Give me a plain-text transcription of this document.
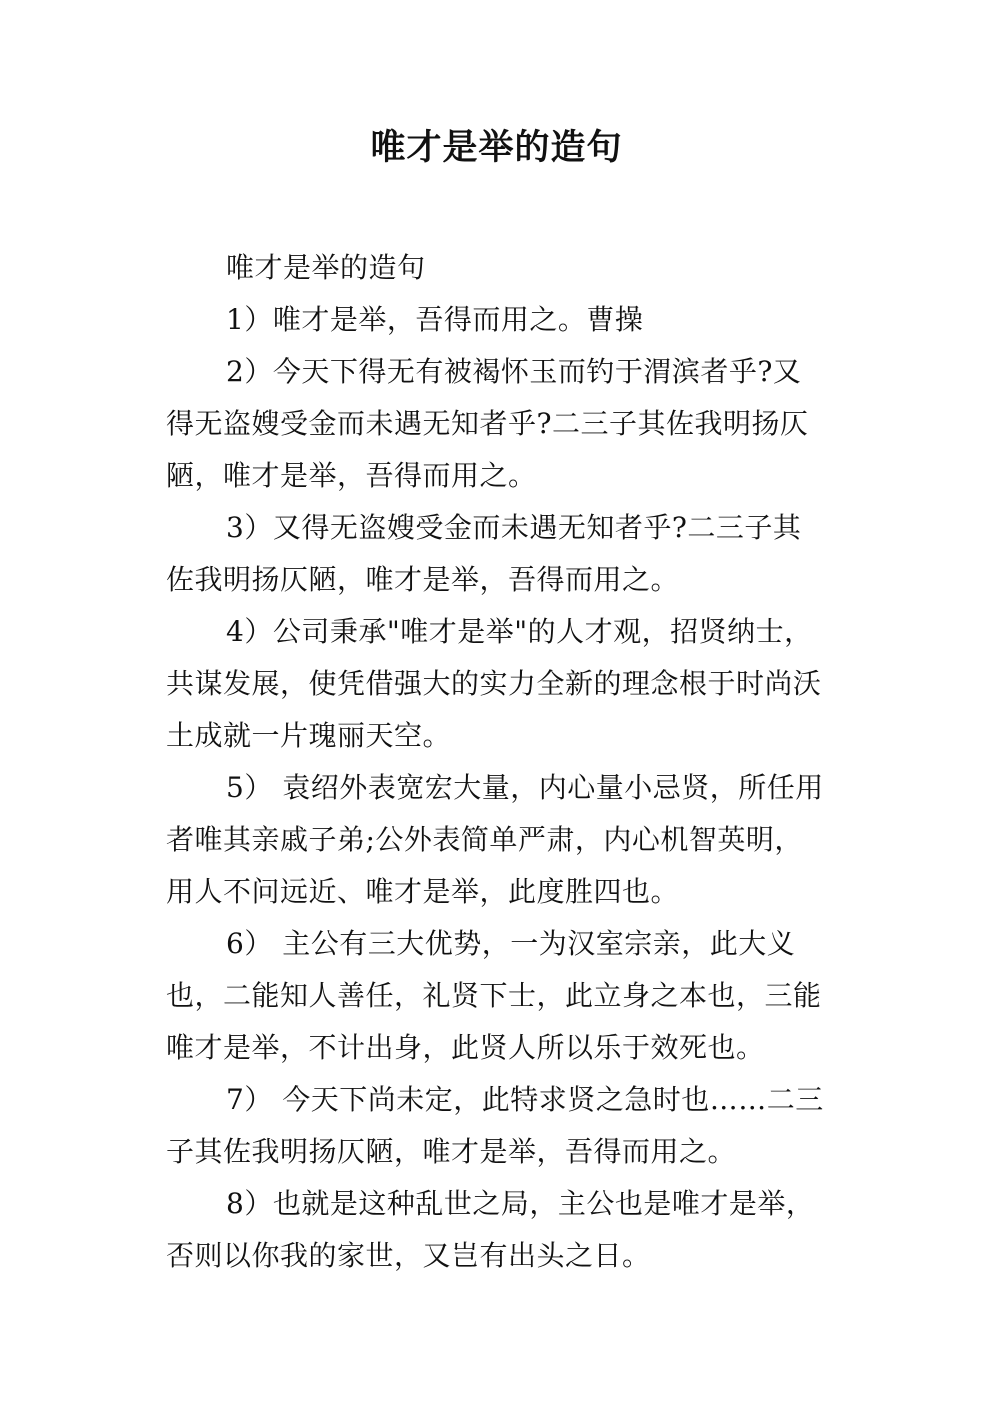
唯才是举的造句

唯才是举的造句

1）唯才是举，吾得而用之。曹操

2）今天下得无有被褐怀玉而钓于渭滨者乎?又得无盗嫂受金而未遇无知者乎?二三子其佐我明扬仄陋，唯才是举，吾得而用之。

3）又得无盗嫂受金而未遇无知者乎?二三子其佐我明扬仄陋，唯才是举，吾得而用之。

4）公司秉承"唯才是举"的人才观，招贤纳士，共谋发展，使凭借强大的实力全新的理念根于时尚沃土成就一片瑰丽天空。

5） 袁绍外表宽宏大量，内心量小忌贤，所任用者唯其亲戚子弟;公外表简单严肃，内心机智英明，用人不问远近、唯才是举，此度胜四也。

6） 主公有三大优势，一为汉室宗亲，此大义也，二能知人善任，礼贤下士，此立身之本也，三能唯才是举，不计出身，此贤人所以乐于效死也。

7） 今天下尚未定，此特求贤之急时也……二三子其佐我明扬仄陋，唯才是举，吾得而用之。

8）也就是这种乱世之局，主公也是唯才是举，否则以你我的家世，又岂有出头之日。
